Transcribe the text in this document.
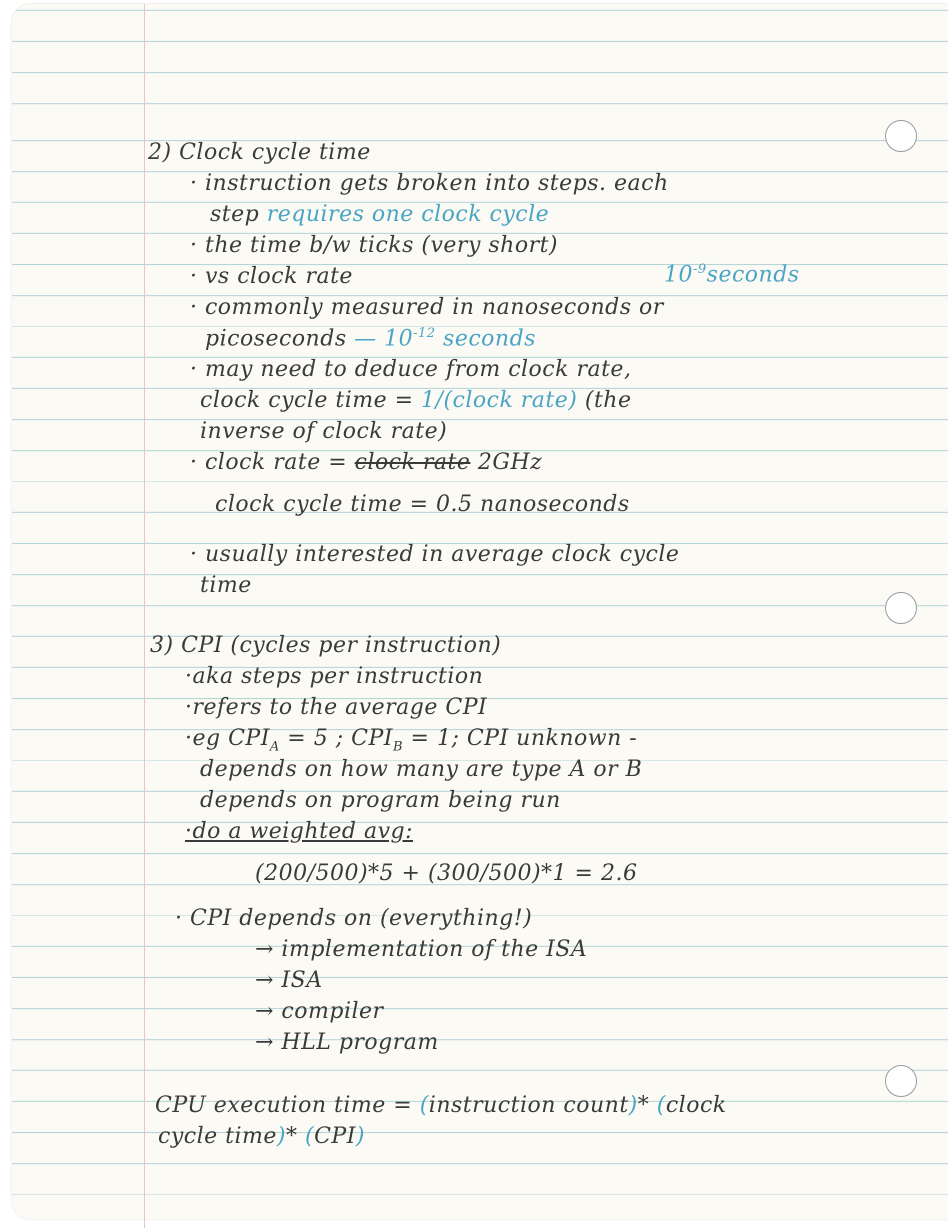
2) Clock cycle time
· instruction gets broken into steps. each
step requires one clock cycle
· the time b/w ticks (very short)
· vs clock rate	$10^{-9}seconds$
· commonly measured in nanoseconds or
picoseconds — $10^{-12}$ seconds
· may need to deduce from clock rate,
clock cycle time = 1/(clock rate) (the
inverse of clock rate)
· clock rate = clock rate 2GHz
clock cycle time = 0.5 nanoseconds
· usually interested in average clock cycle
time
3) CPI (cycles per instruction)
·aka steps per instruction
·refers to the average CPI
·eg $CPI_A = 5$ ; $CPI_B = 1$; CPI unknown -
depends on how many are type A or B
depends on program being run
·do a weighted avg:
(200/500)*5 + (300/500)*1 = 2.6
· CPI depends on (everything!)
→ implementation of the ISA
→ ISA
→ compiler
→ HLL program
CPU execution time = (instruction count)* (clock
cycle time)* (CPI)
